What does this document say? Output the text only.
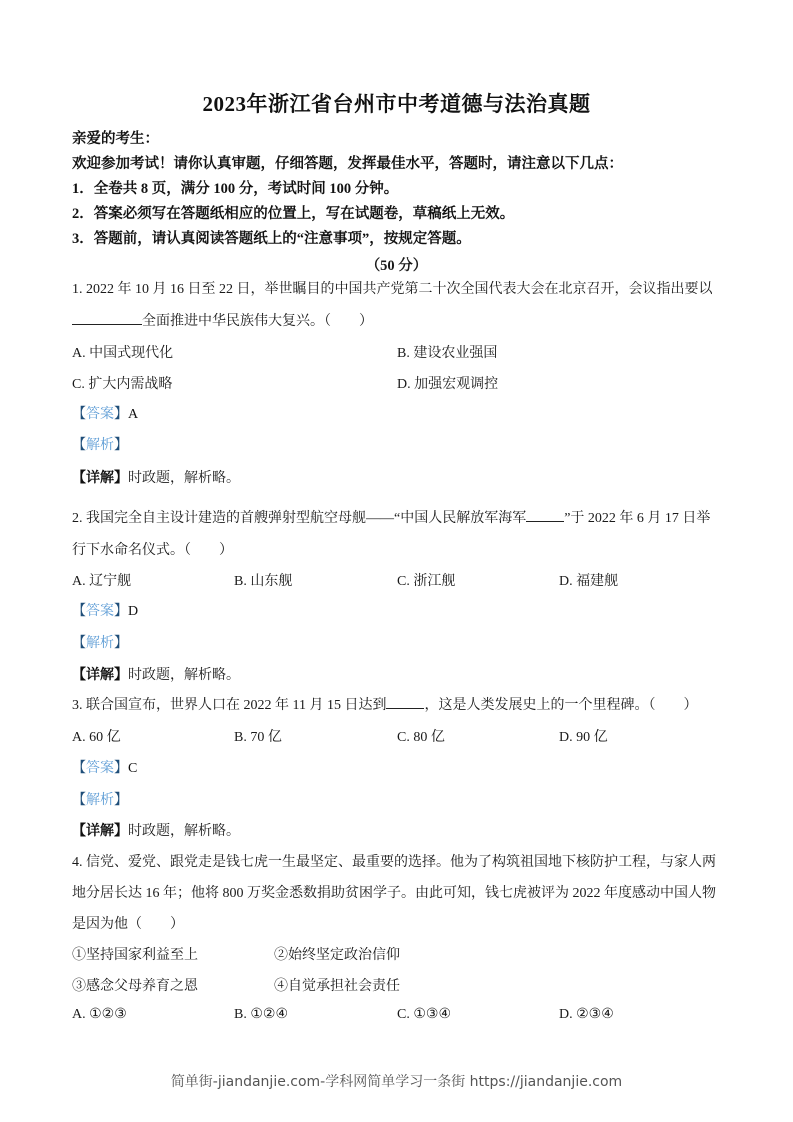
2023年浙江省台州市中考道德与法治真题
亲爱的考生：
欢迎参加考试！请你认真审题，仔细答题，发挥最佳水平，答题时，请注意以下几点：
1．全卷共 8 页，满分 100 分，考试时间 100 分钟。
2．答案必须写在答题纸相应的位置上，写在试题卷，草稿纸上无效。
3．答题前，请认真阅读答题纸上的“注意事项”，按规定答题。
（50 分）
1. 2022 年 10 月 16 日至 22 日，举世瞩目的中国共产党第二十次全国代表大会在北京召开，会议指出要以
全面推进中华民族伟大复兴。（　　）
A. 中国式现代化	B. 建设农业强国
C. 扩大内需战略	D. 加强宏观调控
【答案】A
【解析】
【详解】时政题，解析略。
2. 我国完全自主设计建造的首艘弹射型航空母舰——“中国人民解放军海军	”于 2022 年 6 月 17 日举
行下水命名仪式。（　　）
A. 辽宁舰	B. 山东舰	C. 浙江舰	D. 福建舰
【答案】D
【解析】
【详解】时政题，解析略。
3. 联合国宣布，世界人口在 2022 年 11 月 15 日达到	，这是人类发展史上的一个里程碑。（　　）
A. 60 亿	B. 70 亿	C. 80 亿	D. 90 亿
【答案】C
【解析】
【详解】时政题，解析略。
4. 信党、爱党、跟党走是钱七虎一生最坚定、最重要的选择。他为了构筑祖国地下核防护工程，与家人两
地分居长达 16 年；他将 800 万奖金悉数捐助贫困学子。由此可知，钱七虎被评为 2022 年度感动中国人物
是因为他（　　）
①坚持国家利益至上	②始终坚定政治信仰
③感念父母养育之恩	④自觉承担社会责任
A. ①②③	B. ①②④	C. ①③④	D. ②③④
简单街-jiandanjie.com-学科网简单学习一条街 https://jiandanjie.com
